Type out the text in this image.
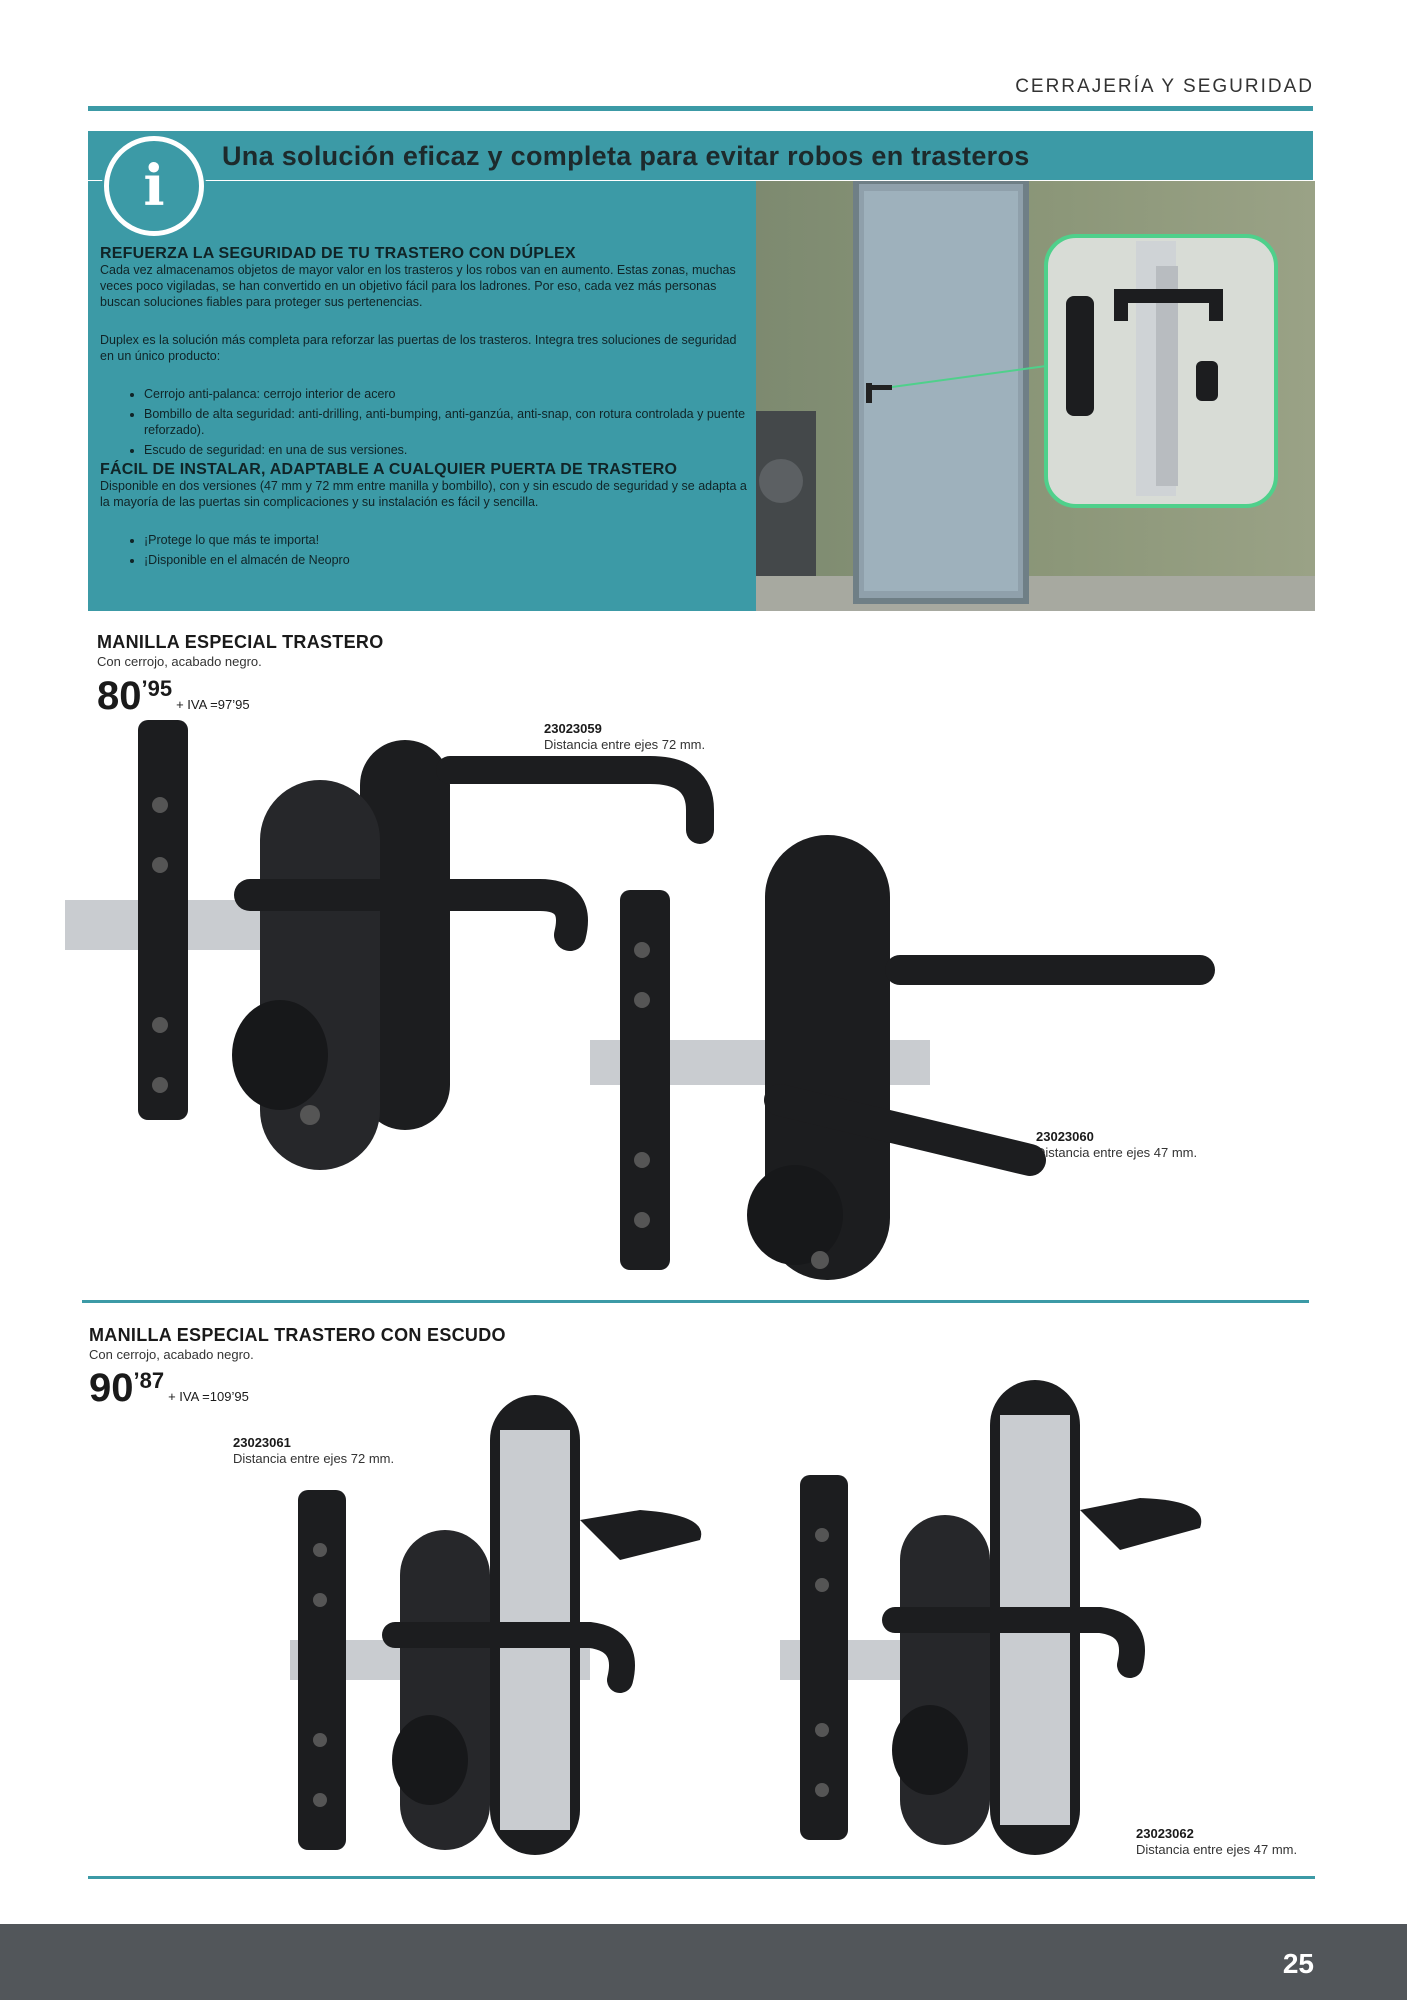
CERRAJERÍA Y SEGURIDAD
i Una solución eficaz y completa para evitar robos en trasteros
REFUERZA LA SEGURIDAD DE TU TRASTERO CON DÚPLEX

Cada vez almacenamos objetos de mayor valor en los trasteros y los robos van en aumento. Estas zonas, muchas veces poco vigiladas, se han convertido en un objetivo fácil para los ladrones. Por eso, cada vez más personas buscan soluciones fiables para proteger sus pertenencias.

Duplex es la solución más completa para reforzar las puertas de los trasteros. Integra tres soluciones de seguridad en un único producto:

• Cerrojo anti-palanca: cerrojo interior de acero
• Bombillo de alta seguridad: anti-drilling, anti-bumping, anti-ganzúa, anti-snap, con rotura controlada y puente reforzado).
• Escudo de seguridad: en una de sus versiones.
FÁCIL DE INSTALAR, ADAPTABLE A CUALQUIER PUERTA DE TRASTERO

Disponible en dos versiones (47 mm y 72 mm entre manilla y bombillo), con y sin escudo de seguridad y se adapta a la mayoría de las puertas sin complicaciones y su instalación es fácil y sencilla.

• ¡Protege lo que más te importa!
• ¡Disponible en el almacén de Neopro
MANILLA ESPECIAL TRASTERO
Con cerrojo, acabado negro.
80’95+ IVA =97’95
23023059
Distancia entre ejes 72 mm.
23023060
Distancia entre ejes 47 mm.
MANILLA ESPECIAL TRASTERO CON ESCUDO
Con cerrojo, acabado negro.
90’87+ IVA =109’95
23023061
Distancia entre ejes 72 mm.
23023062
Distancia entre ejes 47 mm.
25
